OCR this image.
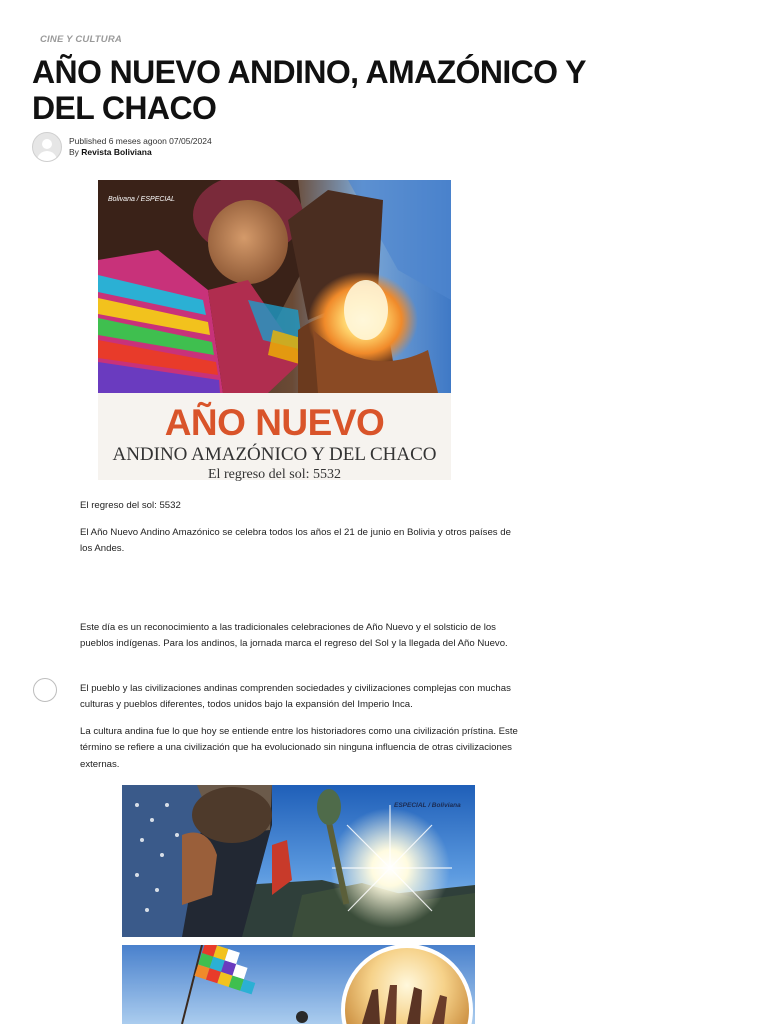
CINE Y CULTURA
AÑO NUEVO ANDINO, AMAZÓNICO Y DEL CHACO
Published 6 meses agoon 07/05/2024
By Revista Boliviana
Bolivana / ESPECIAL
AÑO NUEVO
ANDINO AMAZÓNICO Y DEL CHACO
El regreso del sol: 5532

El regreso del sol: 5532

El Año Nuevo Andino Amazónico se celebra todos los años el 21 de junio en Bolivia y otros países de los Andes.

Este día es un reconocimiento a las tradicionales celebraciones de Año Nuevo y el solsticio de los pueblos indígenas. Para los andinos, la jornada marca el regreso del Sol y la llegada del Año Nuevo.

El pueblo y las civilizaciones andinas comprenden sociedades y civilizaciones complejas con muchas culturas y pueblos diferentes, todos unidos bajo la expansión del Imperio Inca.

La cultura andina fue lo que hoy se entiende entre los historiadores como una civilización prístina. Este término se refiere a una civilización que ha evolucionado sin ninguna influencia de otras civilizaciones externas.

ESPECIAL / Boliviana
